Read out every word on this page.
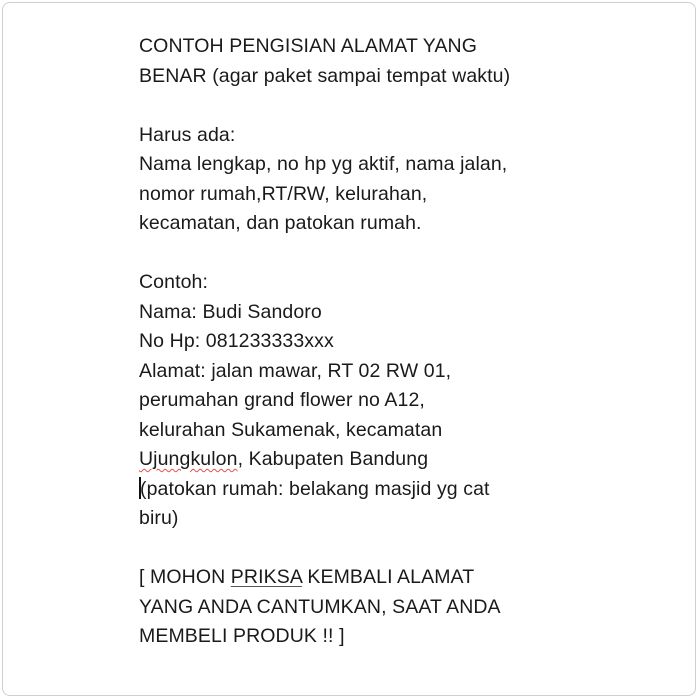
CONTOH PENGISIAN ALAMAT YANG
BENAR (agar paket sampai tempat waktu)
Harus ada:
Nama lengkap, no hp yg aktif, nama jalan,
nomor rumah,RT/RW, kelurahan,
kecamatan, dan patokan rumah.
Contoh:
Nama: Budi Sandoro
No Hp: 081233333xxx
Alamat: jalan mawar, RT 02 RW 01,
perumahan grand flower no A12,
kelurahan Sukamenak, kecamatan
Ujungkulon, Kabupaten Bandung
(patokan rumah: belakang masjid yg cat
biru)
[ MOHON PRIKSA KEMBALI ALAMAT
YANG ANDA CANTUMKAN, SAAT ANDA
MEMBELI PRODUK !! ]
